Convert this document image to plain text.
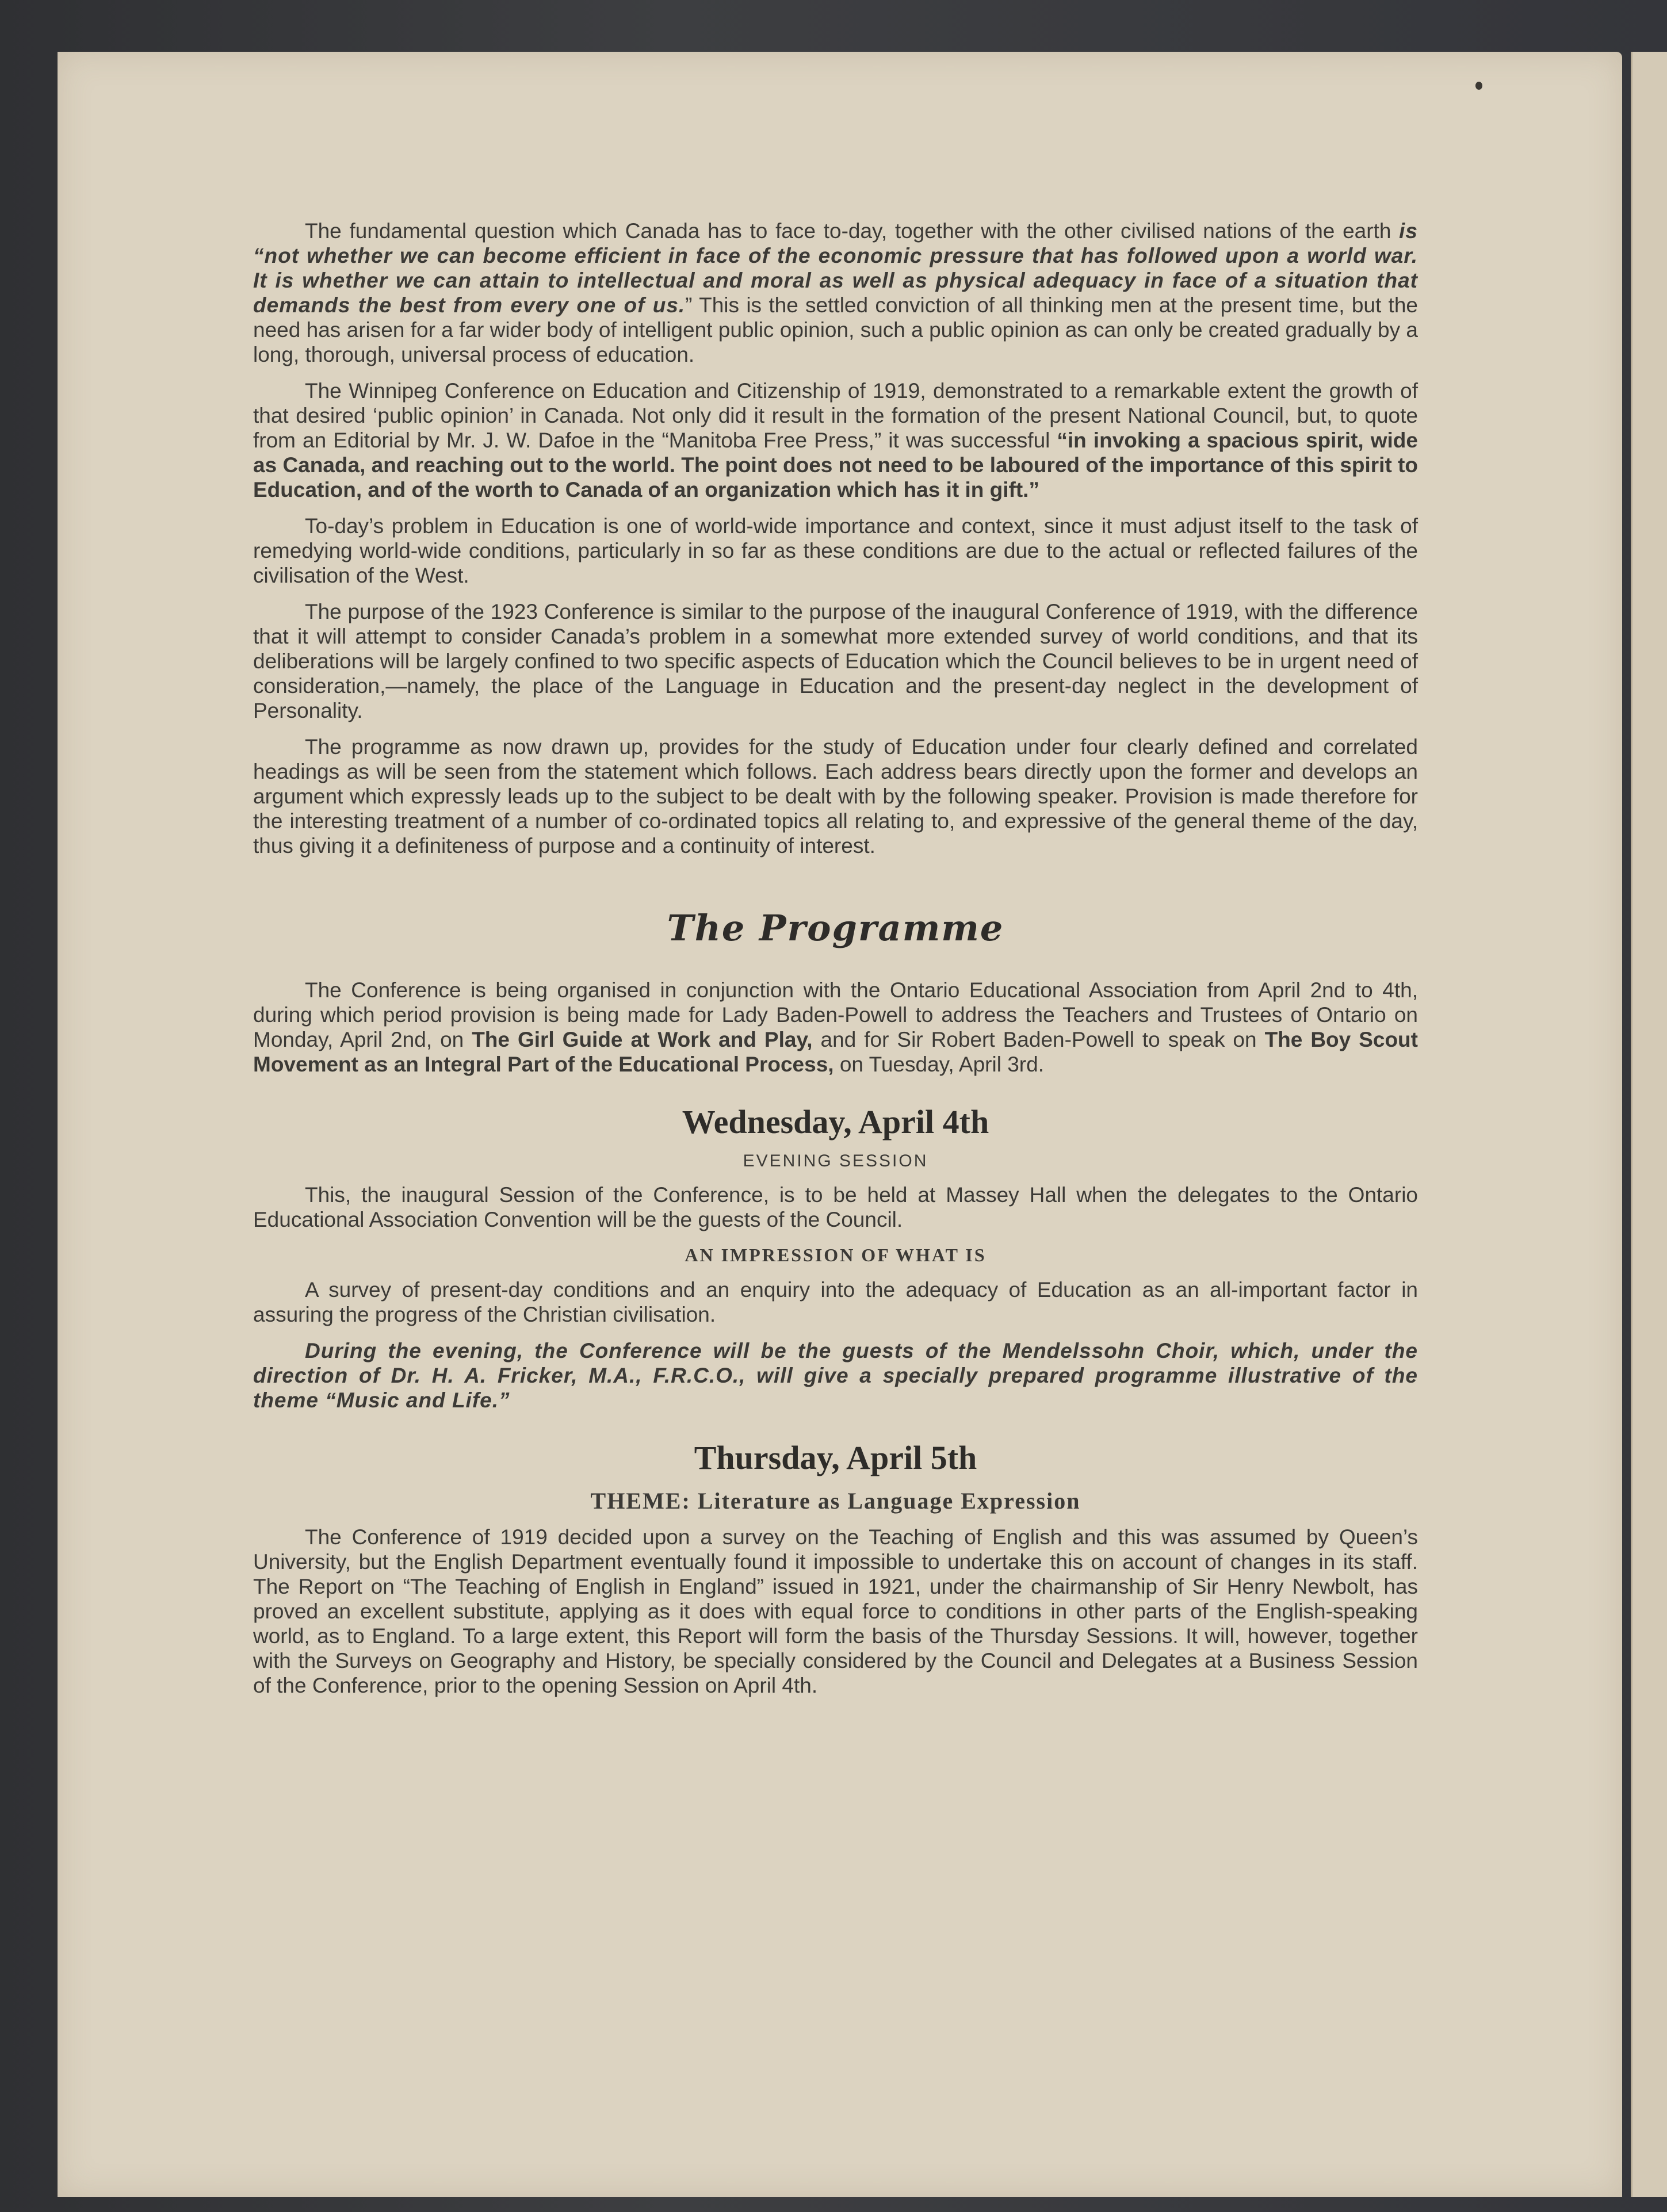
The fundamental question which Canada has to face to-day, together with the other civilised nations of the earth is “not whether we can become efficient in face of the economic pressure that has followed upon a world war. It is whether we can attain to intellectual and moral as well as physical adequacy in face of a situation that demands the best from every one of us.” This is the settled conviction of all thinking men at the present time, but the need has arisen for a far wider body of intelligent public opinion, such a public opinion as can only be created gradually by a long, thorough, universal process of education.

The Winnipeg Conference on Education and Citizenship of 1919, demonstrated to a remarkable extent the growth of that desired ‘public opinion’ in Canada. Not only did it result in the formation of the present National Council, but, to quote from an Editorial by Mr. J. W. Dafoe in the “Manitoba Free Press,” it was successful “in invoking a spacious spirit, wide as Canada, and reaching out to the world. The point does not need to be laboured of the importance of this spirit to Education, and of the worth to Canada of an organization which has it in gift.”

To-day’s problem in Education is one of world-wide importance and context, since it must adjust itself to the task of remedying world-wide conditions, particularly in so far as these conditions are due to the actual or reflected failures of the civilisation of the West.

The purpose of the 1923 Conference is similar to the purpose of the inaugural Conference of 1919, with the difference that it will attempt to consider Canada’s problem in a somewhat more extended survey of world conditions, and that its deliberations will be largely confined to two specific aspects of Education which the Council believes to be in urgent need of consideration,—namely, the place of the Language in Education and the present-day neglect in the development of Personality.

The programme as now drawn up, provides for the study of Education under four clearly defined and correlated headings as will be seen from the statement which follows. Each address bears directly upon the former and develops an argument which expressly leads up to the subject to be dealt with by the following speaker. Provision is made therefore for the interesting treatment of a number of co-ordinated topics all relating to, and expressive of the general theme of the day, thus giving it a definiteness of purpose and a continuity of interest.

The Programme

The Conference is being organised in conjunction with the Ontario Educational Association from April 2nd to 4th, during which period provision is being made for Lady Baden-Powell to address the Teachers and Trustees of Ontario on Monday, April 2nd, on The Girl Guide at Work and Play, and for Sir Robert Baden-Powell to speak on The Boy Scout Movement as an Integral Part of the Educational Process, on Tuesday, April 3rd.

Wednesday, April 4th
EVENING SESSION

This, the inaugural Session of the Conference, is to be held at Massey Hall when the delegates to the Ontario Educational Association Convention will be the guests of the Council.

AN IMPRESSION OF WHAT IS

A survey of present-day conditions and an enquiry into the adequacy of Education as an all-important factor in assuring the progress of the Christian civilisation.

During the evening, the Conference will be the guests of the Mendelssohn Choir, which, under the direction of Dr. H. A. Fricker, M.A., F.R.C.O., will give a specially prepared programme illustrative of the theme “Music and Life.”

Thursday, April 5th
THEME: Literature as Language Expression

The Conference of 1919 decided upon a survey on the Teaching of English and this was assumed by Queen’s University, but the English Department eventually found it impossible to undertake this on account of changes in its staff. The Report on “The Teaching of English in England” issued in 1921, under the chairmanship of Sir Henry Newbolt, has proved an excellent substitute, applying as it does with equal force to conditions in other parts of the English-speaking world, as to England. To a large extent, this Report will form the basis of the Thursday Sessions. It will, however, together with the Surveys on Geography and History, be specially considered by the Council and Delegates at a Business Session of the Conference, prior to the opening Session on April 4th.
